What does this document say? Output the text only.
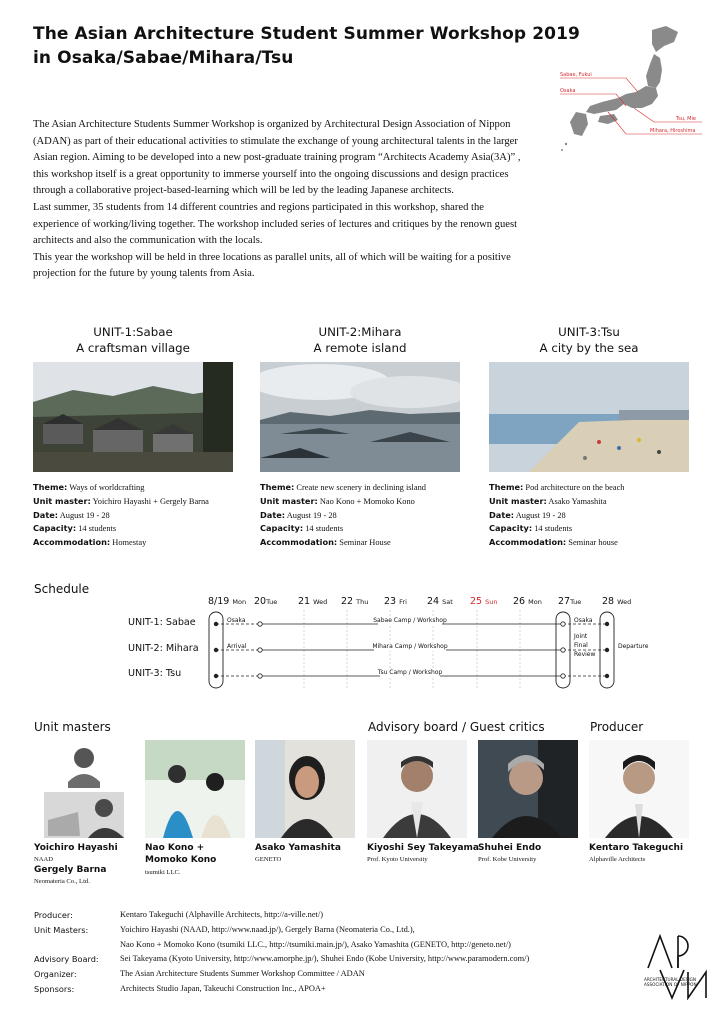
The Asian Architecture Student Summer Workshop 2019
in Osaka/Sabae/Mihara/Tsu
Sabae, Fukui
Osaka
Tsu, Mie
Mihara, Hiroshima

The Asian Architecture Students Summer Workshop is organized by Architectural Design Association of Nippon (ADAN) as part of their educational activities to stimulate the exchange of young architectural talents in the larger Asian region. Aiming to be developed into a new post-graduate training program “Architects Academy Asia(3A)” , this workshop itself is a great opportunity to immerse yourself into the ongoing discussions and design practices through a collaborative project-based-learning which will be led by the leading Japanese architects.

Last summer, 35 students from 14 different countries and regions participated in this workshop, shared the experience of working/living together. The workshop included series of lectures and critiques by the renown guest architects and also the communication with the locals.

This year the workshop will be held in three locations as parallel units, all of which will be waiting for a positive projection for the future by young talents from Asia.

UNIT-1:Sabae
A craftsman village
Theme: Ways of worldcrafting
Unit master: Yoichiro Hayashi + Gergely Barna
Date: August 19 - 28
Capacity: 14 students
Accommodation: Homestay
UNIT-2:Mihara
A remote island
Theme: Create new scenery in declining island
Unit master: Nao Kono + Momoko Kono
Date: August 19 - 28
Capacity: 14 students
Accommodation: Seminar House
UNIT-3:Tsu
A city by the sea
Theme: Pod architecture on the beach
Unit master: Asako Yamashita
Date: August 19 - 28
Capacity: 14 students
Accommodation: Seminar house
Schedule
8/19 Mon 20Tue 21 Wed 22 Thu 23 Fri 24 Sat 25 Sun 26 Mon 27Tue 28 Wed
UNIT-1: Sabae
UNIT-2: Mihara
UNIT-3: Tsu
Sabae Camp / Workshop
Mihara Camp / Workshop
Tsu Camp / Workshop
Osaka
Arrival
Osaka
Joint
Final
Review
Departure
Unit masters	Advisory board / Guest critics	Producer
Yoichiro Hayashi
NAAD
Gergely Barna
Neomateria Co., Ltd.
Nao Kono +
Momoko Kono
tsumiki LLC.
Asako Yamashita
GENETO
Kiyoshi Sey Takeyama
Prof. Kyoto University
Shuhei Endo
Prof. Kobe University
Kentaro Takeguchi
Alphaville Architects
Producer:	Kentaro Takeguchi (Alphaville Architects, http://a-ville.net/)
Unit Masters:	Yoichiro Hayashi (NAAD, http://www.naad.jp/), Gergely Barna (Neomateria Co., Ltd.),
Nao Kono + Momoko Kono (tsumiki LLC., http://tsumiki.main.jp/), Asako Yamashita (GENETO, http://geneto.net/)
Advisory Board:	Sei Takeyama (Kyoto University, http://www.amorphe.jp/), Shuhei Endo (Kobe University, http://www.paramodern.com/)
Organizer:	The Asian Architecture Students Summer Workshop Committee / ADAN
Sponsors:	Architects Studio Japan, Takeuchi Construction Inc., APOA+
ARCHITECTURAL DESIGN
ASSOCIATION OF NIPPON
